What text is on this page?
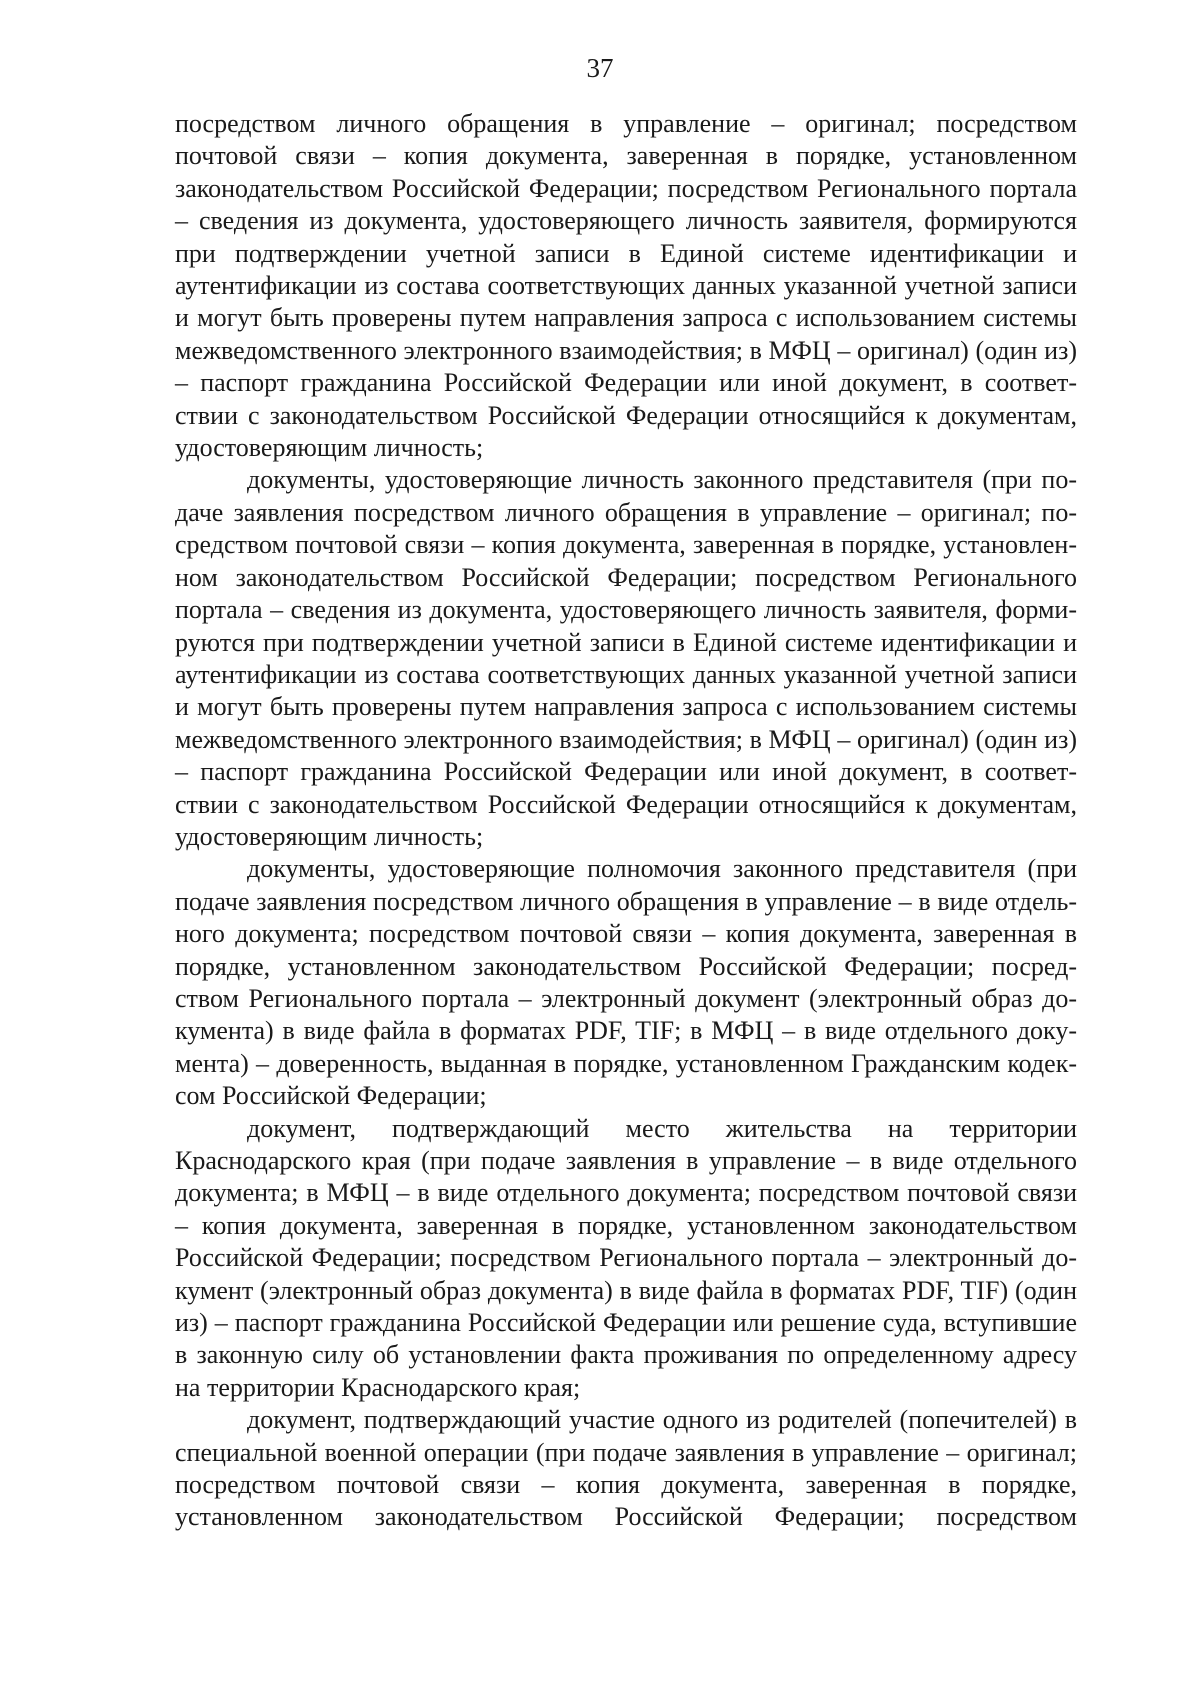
37

посредством личного обращения в управление – оригинал; посредством почтовой связи – копия документа, заверенная в порядке, установленном законодательством Российской Федерации; посредством Регионального портала – сведения из документа, удостоверяющего личность заявителя, формируются при подтверждении учетной записи в Единой системе идентификации и аутентификации из состава соответствующих данных указанной учетной записи и могут быть проверены путем направления запроса с использованием системы межведомственного электронного взаимодействия; в МФЦ – оригинал) (один из) – паспорт гражданина Российской Федерации или иной документ, в соответствии с законодательством Российской Федерации относящийся к документам, удостоверяющим личность;

документы, удостоверяющие личность законного представителя (при подаче заявления посредством личного обращения в управление – оригинал; посредством почтовой связи – копия документа, заверенная в порядке, установленном законодательством Российской Федерации; посредством Регионального портала – сведения из документа, удостоверяющего личность заявителя, формируются при подтверждении учетной записи в Единой системе идентификации и аутентификации из состава соответствующих данных указанной учетной записи и могут быть проверены путем направления запроса с использованием системы межведомственного электронного взаимодействия; в МФЦ – оригинал) (один из) – паспорт гражданина Российской Федерации или иной документ, в соответствии с законодательством Российской Федерации относящийся к документам, удостоверяющим личность;

документы, удостоверяющие полномочия законного представителя (при подаче заявления посредством личного обращения в управление – в виде отдельного документа; посредством почтовой связи – копия документа, заверенная в порядке, установленном законодательством Российской Федерации; посредством Регионального портала – электронный документ (электронный образ документа) в виде файла в форматах PDF, TIF; в МФЦ – в виде отдельного документа) – доверенность, выданная в порядке, установленном Гражданским кодексом Российской Федерации;

документ, подтверждающий место жительства на территории Краснодарского края (при подаче заявления в управление – в виде отдельного документа; в МФЦ – в виде отдельного документа; посредством почтовой связи – копия документа, заверенная в порядке, установленном законодательством Российской Федерации; посредством Регионального портала – электронный документ (электронный образ документа) в виде файла в форматах PDF, TIF) (один из) – паспорт гражданина Российской Федерации или решение суда, вступившие в законную силу об установлении факта проживания по определенному адресу на территории Краснодарского края;

документ, подтверждающий участие одного из родителей (попечителей) в специальной военной операции (при подаче заявления в управление – оригинал; посредством почтовой связи – копия документа, заверенная в порядке, установленном законодательством Российской Федерации; посредством
